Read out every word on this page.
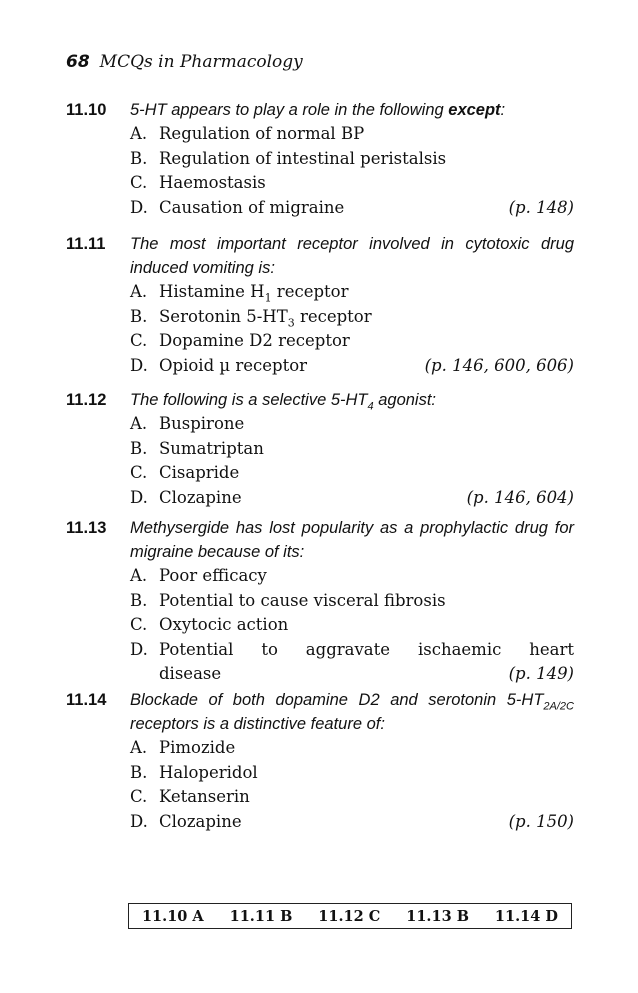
68 MCQs in Pharmacology
11.10	5-HT appears to play a role in the following except:
A. Regulation of normal BP
B. Regulation of intestinal peristalsis
C. Haemostasis
D. Causation of migraine	(p. 148)
11.11	The most important receptor involved in cytotoxic drug induced vomiting is:
A. Histamine $H_1$ receptor
B. Serotonin $5-HT_3$ receptor
C. Dopamine D2 receptor
D. Opioid µ receptor	(p. 146, 600, 606)
11.12	The following is a selective $5-HT_4$ agonist:
A. Buspirone
B. Sumatriptan
C. Cisapride
D. Clozapine	(p. 146, 604)
11.13	Methysergide has lost popularity as a prophylactic drug for migraine because of its:
A. Poor efficacy
B. Potential to cause visceral fibrosis
C. Oxytocic action
D. Potential to aggravate ischaemic heart
disease	(p. 149)
11.14	Blockade of both dopamine D2 and serotonin $5-HT_{2A/2C}$ receptors is a distinctive feature of:
A. Pimozide
B. Haloperidol
C. Ketanserin
D. Clozapine	(p. 150)
11.10 A 11.11 B 11.12 C 11.13 B 11.14 D
